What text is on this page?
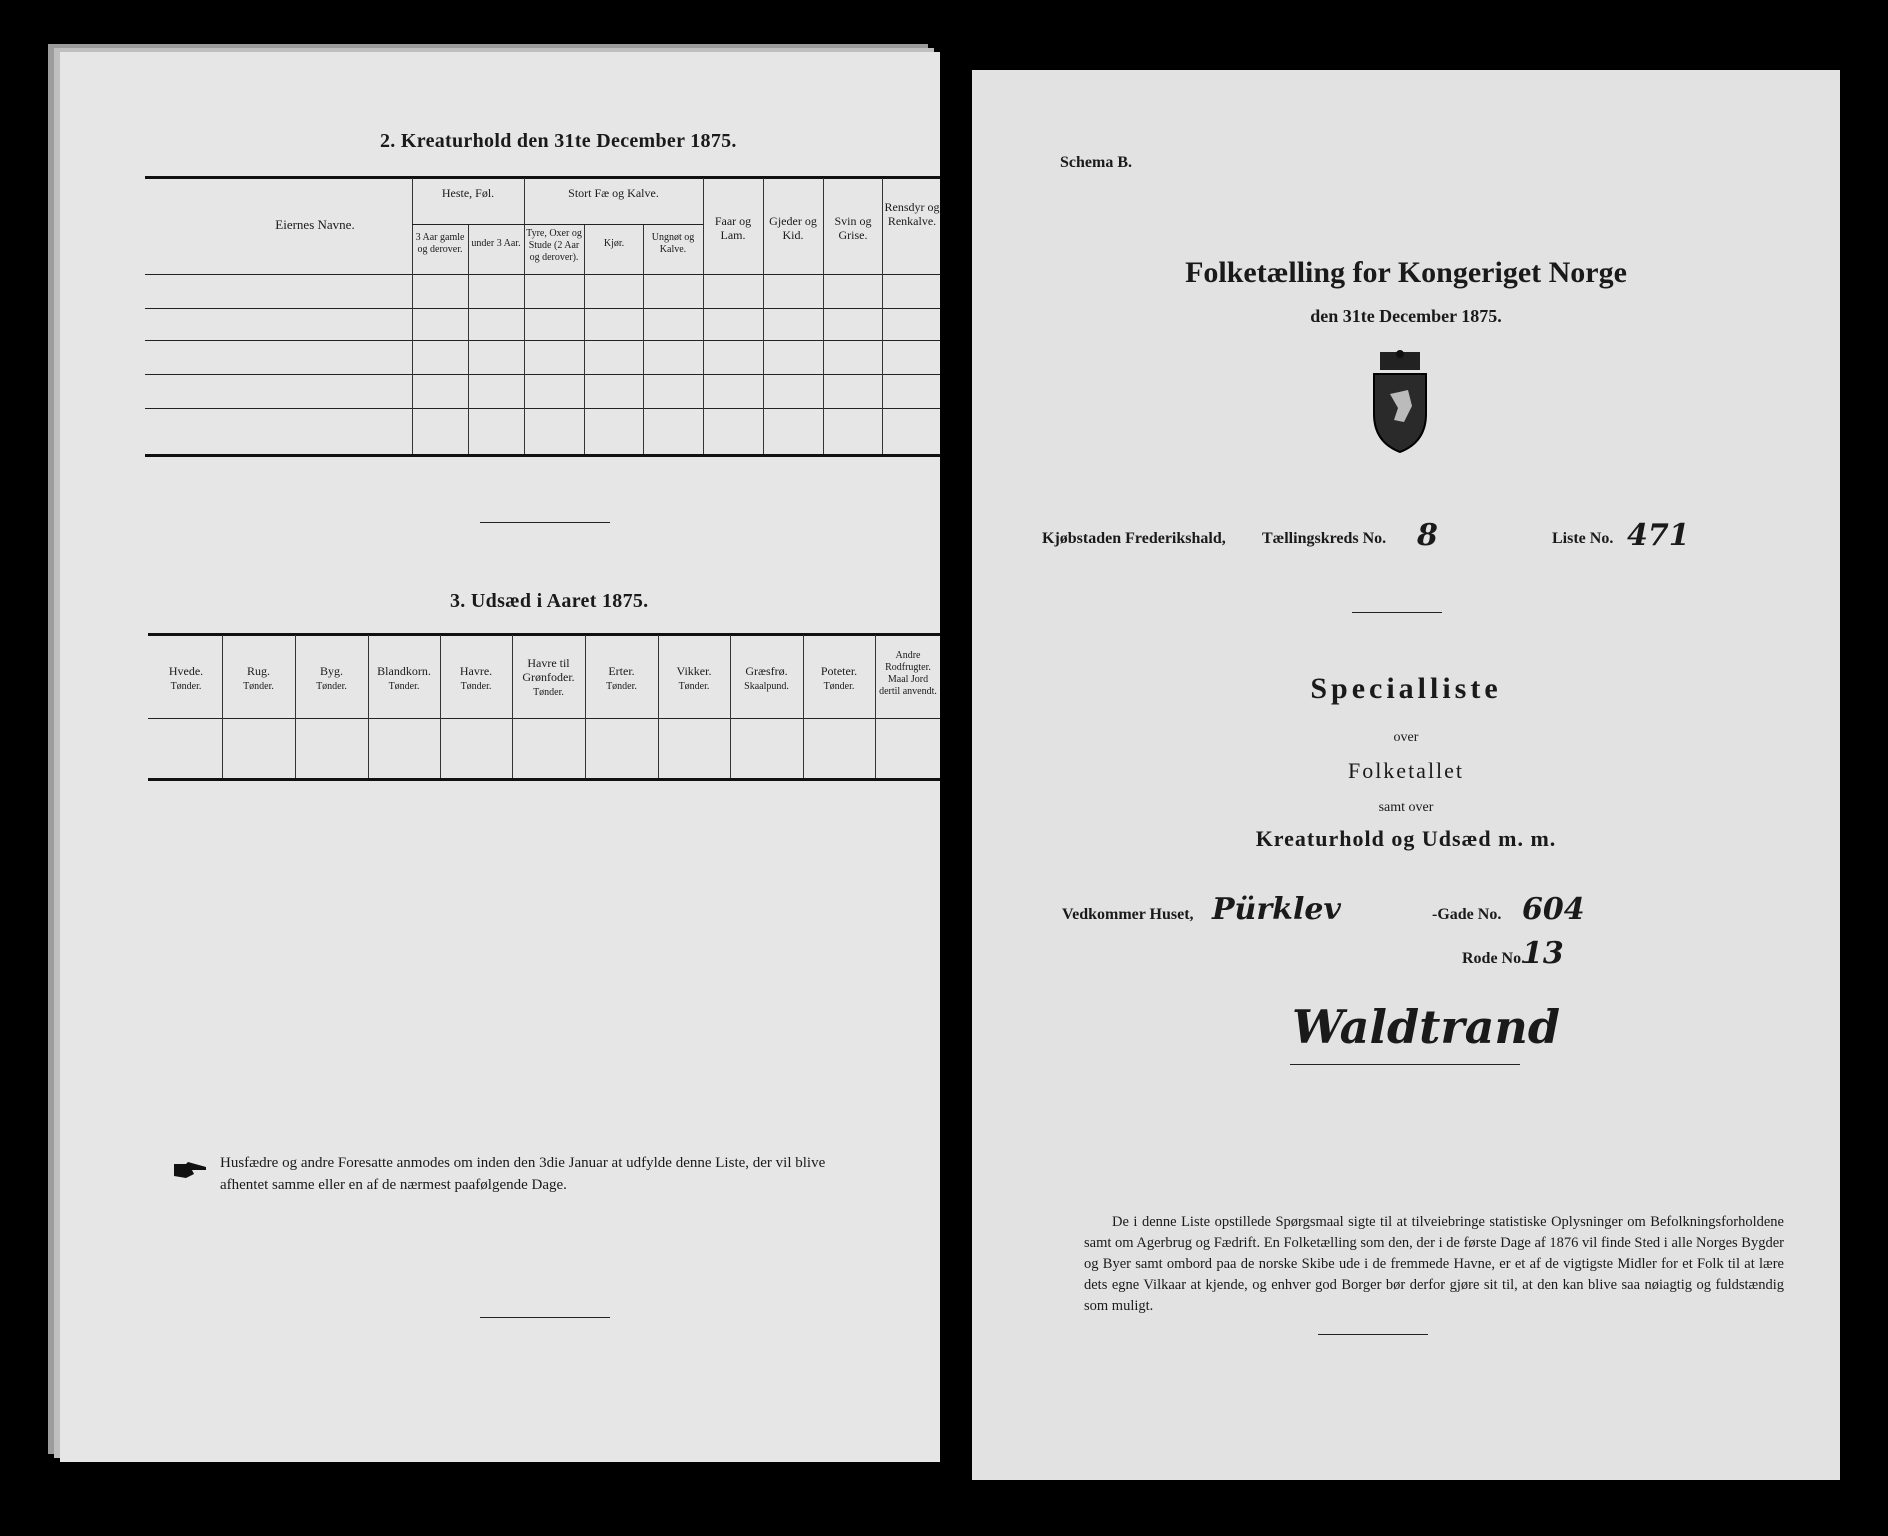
2. Kreaturhold den 31te December 1875.
Eiernes Navne.
Heste, Føl.
3 Aar gamle og derover.
under 3 Aar.
Stort Fæ og Kalve.
Tyre, Oxer og Stude (2 Aar og derover).
Kjør.
Ungnøt og Kalve.
Faar og Lam.
Gjeder og Kid.
Svin og Grise.
Rensdyr og Renkalve.
3. Udsæd i Aaret 1875.
Hvede.
Tønder.
Rug.
Tønder.
Byg.
Tønder.
Blandkorn.
Tønder.
Havre.
Tønder.
Havre til Grønfoder.
Tønder.
Erter.
Tønder.
Vikker.
Tønder.
Græsfrø.
Skaalpund.
Poteter.
Tønder.
Andre Rodfrugter.
Maal Jord dertil anvendt.
Husfædre og andre Foresatte anmodes om inden den 3die Januar at udfylde denne Liste, der vil blive afhentet samme eller en af de nærmest paafølgende Dage.
Schema B.
Folketælling for Kongeriget Norge
den 31te December 1875.
Kjøbstaden Frederikshald, Tællingskreds No. 8	Liste No. 471
Specialliste
over
Folketallet
samt over
Kreaturhold og Udsæd m. m.
Vedkommer Huset, Pürklev	-Gade No. 604
Rode No.
13
Waldtrand
De i denne Liste opstillede Spørgsmaal sigte til at tilveiebringe statistiske Oplysninger om Befolkningsforholdene samt om Agerbrug og Fædrift. En Folketælling som den, der i de første Dage af 1876 vil finde Sted i alle Norges Bygder og Byer samt ombord paa de norske Skibe ude i de fremmede Havne, er et af de vigtigste Midler for et Folk til at lære dets egne Vilkaar at kjende, og enhver god Borger bør derfor gjøre sit til, at den kan blive saa nøiagtig og fuldstændig som muligt.
